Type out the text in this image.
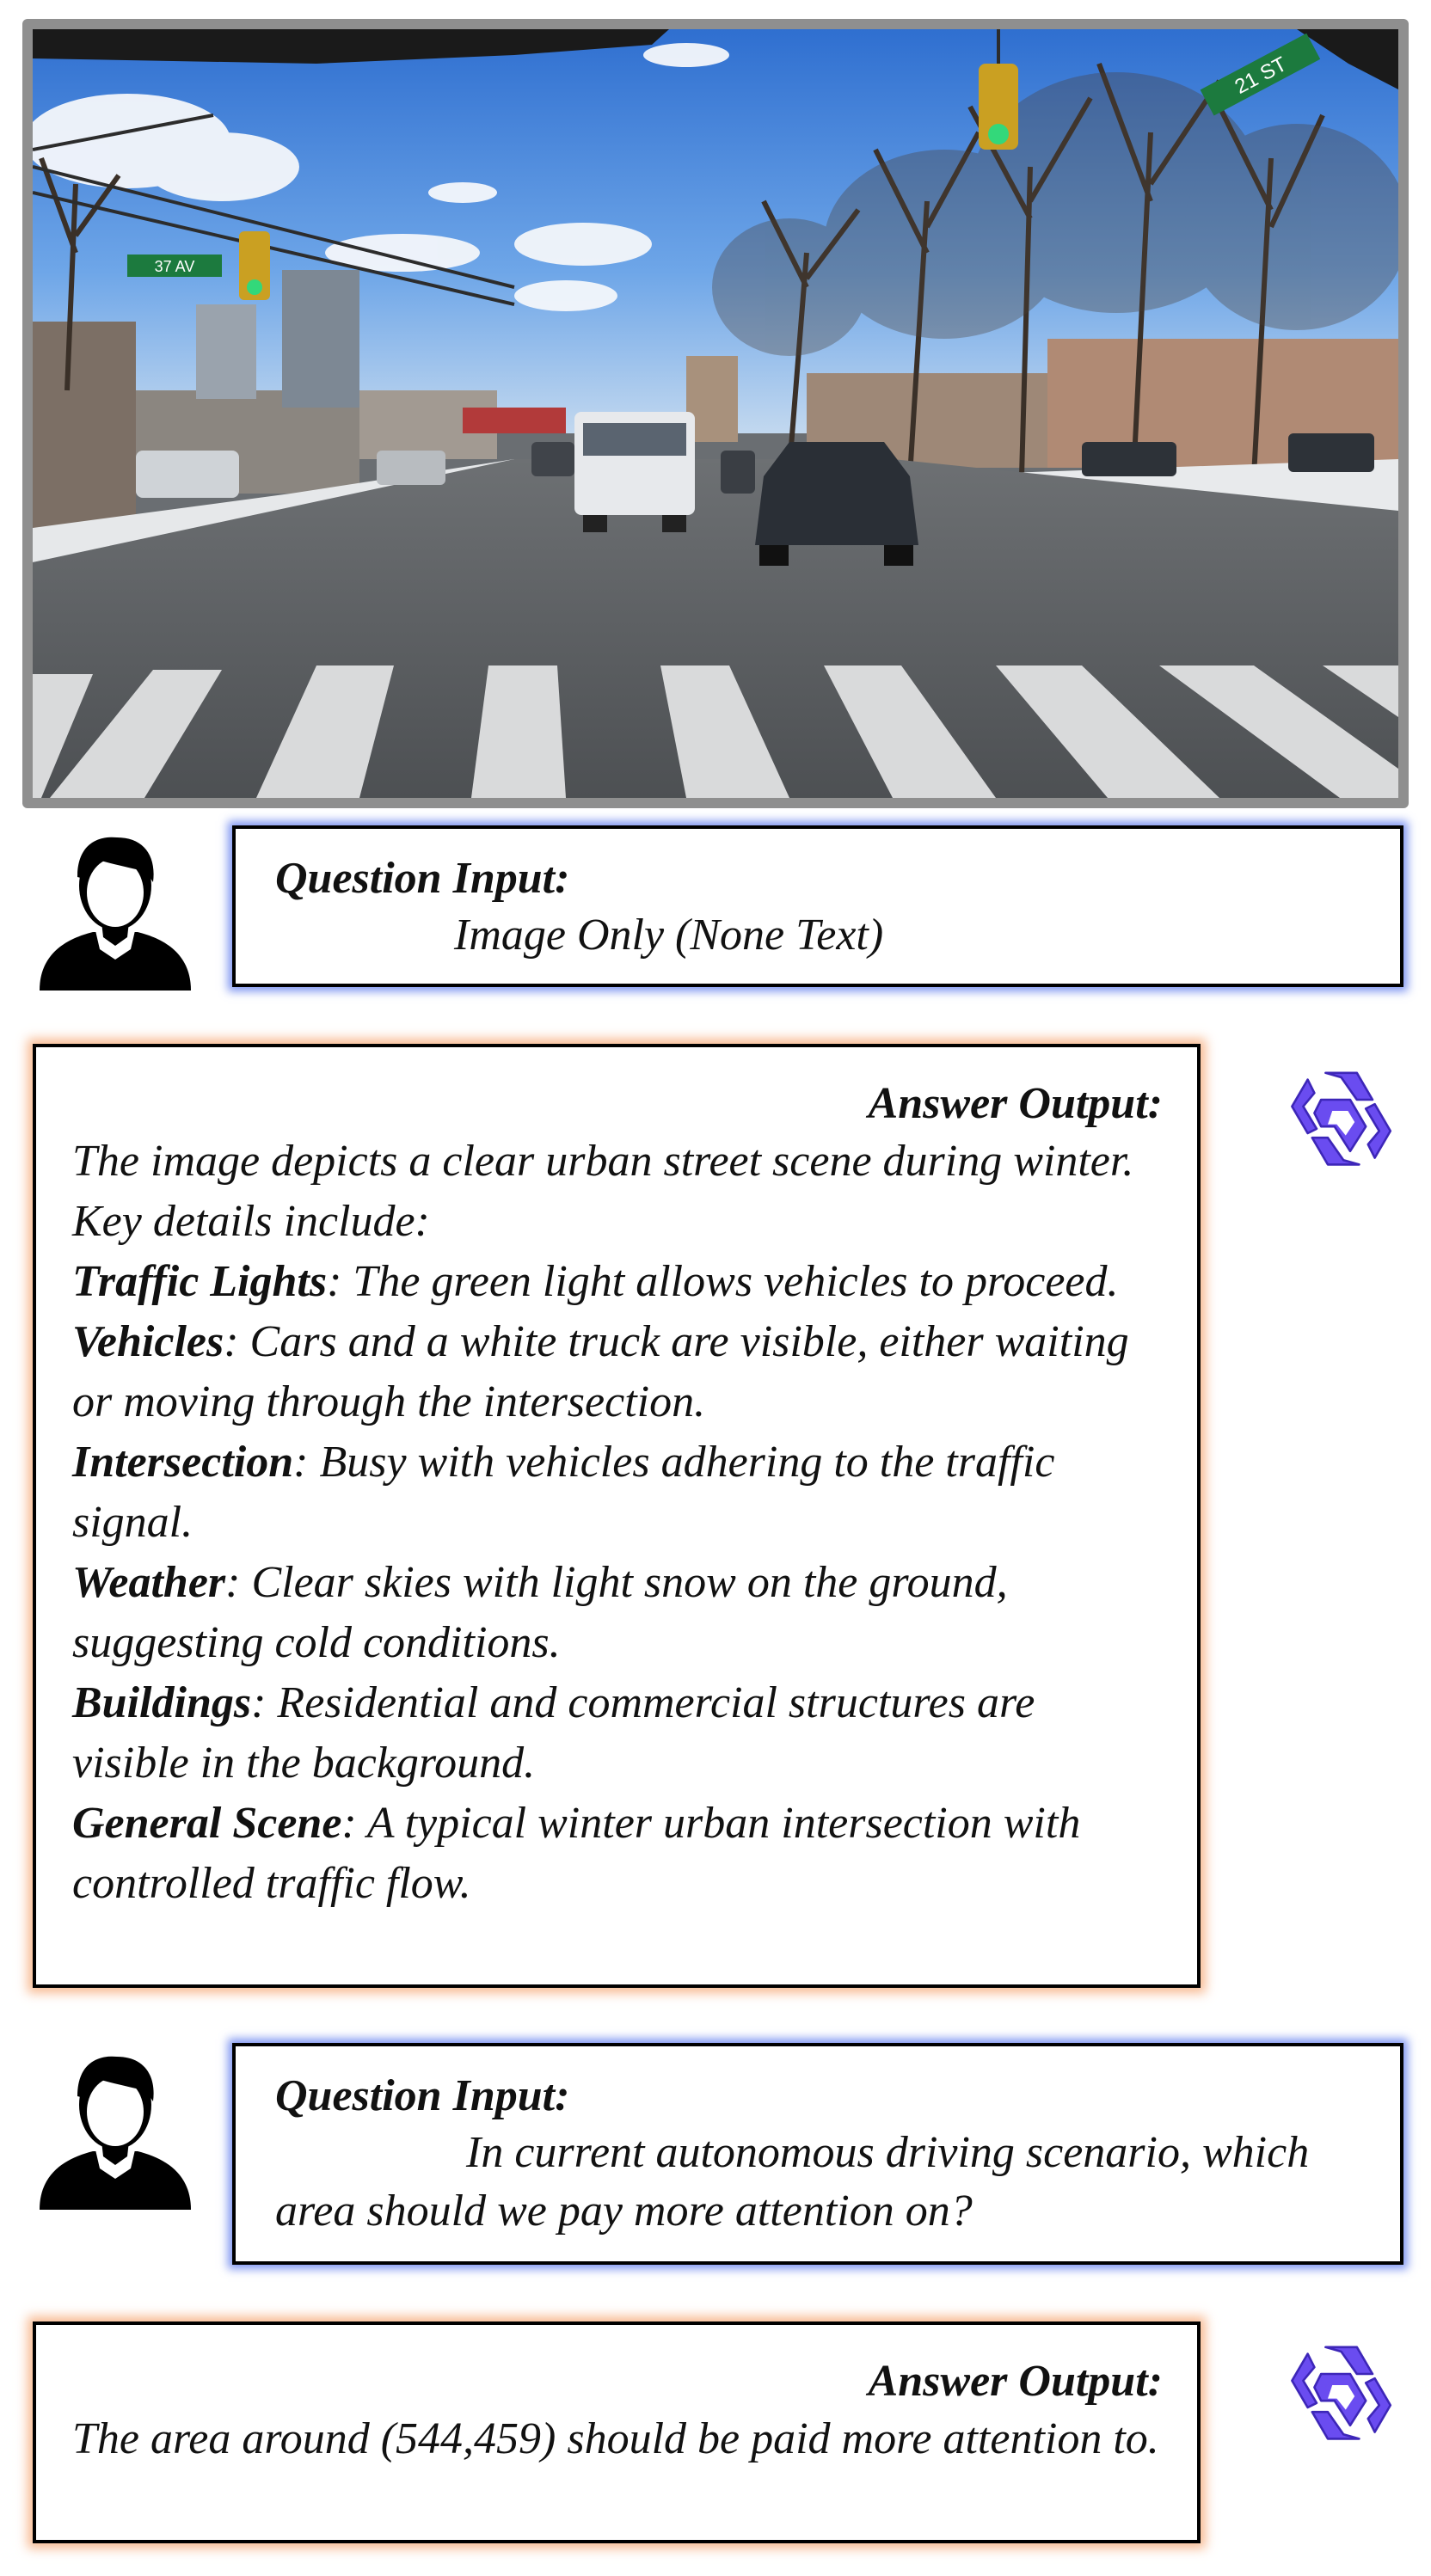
37 AV
21 ST
Question Input:
Image Only (None Text)
Answer Output:

The image depicts a clear urban street scene during winter. Key details include:

Traffic Lights: The green light allows vehicles to proceed.

Vehicles: Cars and a white truck are visible, either waiting or moving through the intersection.

Intersection: Busy with vehicles adhering to the traffic signal.

Weather: Clear skies with light snow on the ground, suggesting cold conditions.

Buildings: Residential and commercial structures are visible in the background.

General Scene: A typical winter urban intersection with controlled traffic flow.

Question Input:
In current autonomous driving scenario, which area should we pay more attention on?
Answer Output:

The area around (544,459) should be paid more attention to.
